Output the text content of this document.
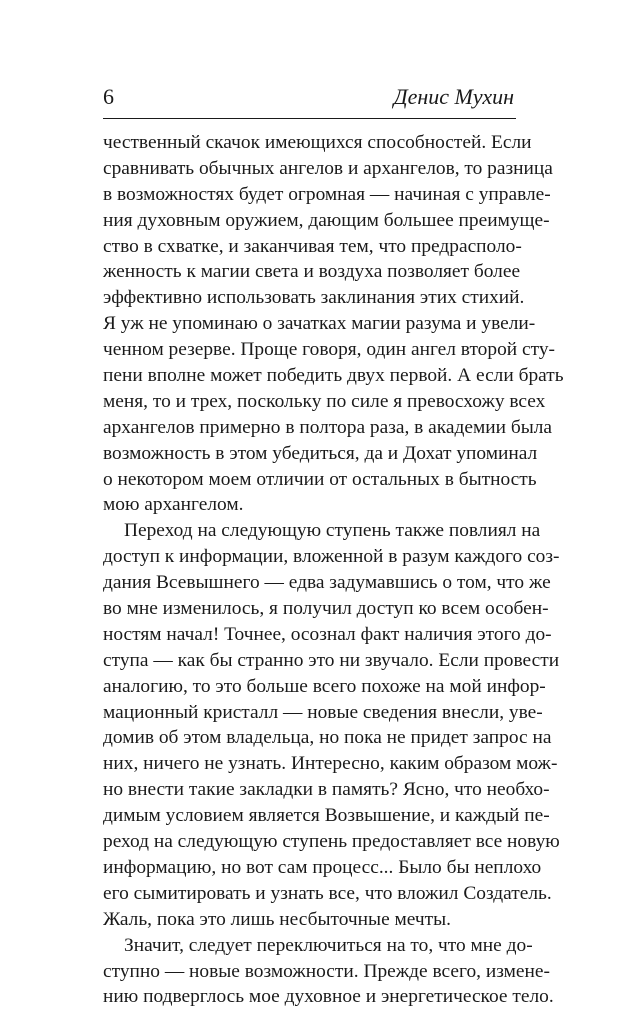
6	Денис Мухин
чественный скачок имеющихся способностей. Если
сравнивать обычных ангелов и архангелов, то разница
в возможностях будет огромная — начиная с управле-
ния духовным оружием, дающим большее преимуще-
ство в схватке, и заканчивая тем, что предрасполо-
женность к магии света и воздуха позволяет более
эффективно использовать заклинания этих стихий.
Я уж не упоминаю о зачатках магии разума и увели-
ченном резерве. Проще говоря, один ангел второй сту-
пени вполне может победить двух первой. А если брать
меня, то и трех, поскольку по силе я превосхожу всех
архангелов примерно в полтора раза, в академии была
возможность в этом убедиться, да и Дохат упоминал
о некотором моем отличии от остальных в бытность
мою архангелом.
Переход на следующую ступень также повлиял на
доступ к информации, вложенной в разум каждого соз-
дания Всевышнего — едва задумавшись о том, что же
во мне изменилось, я получил доступ ко всем особен-
ностям начал! Точнее, осознал факт наличия этого до-
ступа — как бы странно это ни звучало. Если провести
аналогию, то это больше всего похоже на мой инфор-
мационный кристалл — новые сведения внесли, уве-
домив об этом владельца, но пока не придет запрос на
них, ничего не узнать. Интересно, каким образом мож-
но внести такие закладки в память? Ясно, что необхо-
димым условием является Возвышение, и каждый пе-
реход на следующую ступень предоставляет все новую
информацию, но вот сам процесс... Было бы неплохо
его сымитировать и узнать все, что вложил Создатель.
Жаль, пока это лишь несбыточные мечты.
Значит, следует переключиться на то, что мне до-
ступно — новые возможности. Прежде всего, измене-
нию подверглось мое духовное и энергетическое тело.
